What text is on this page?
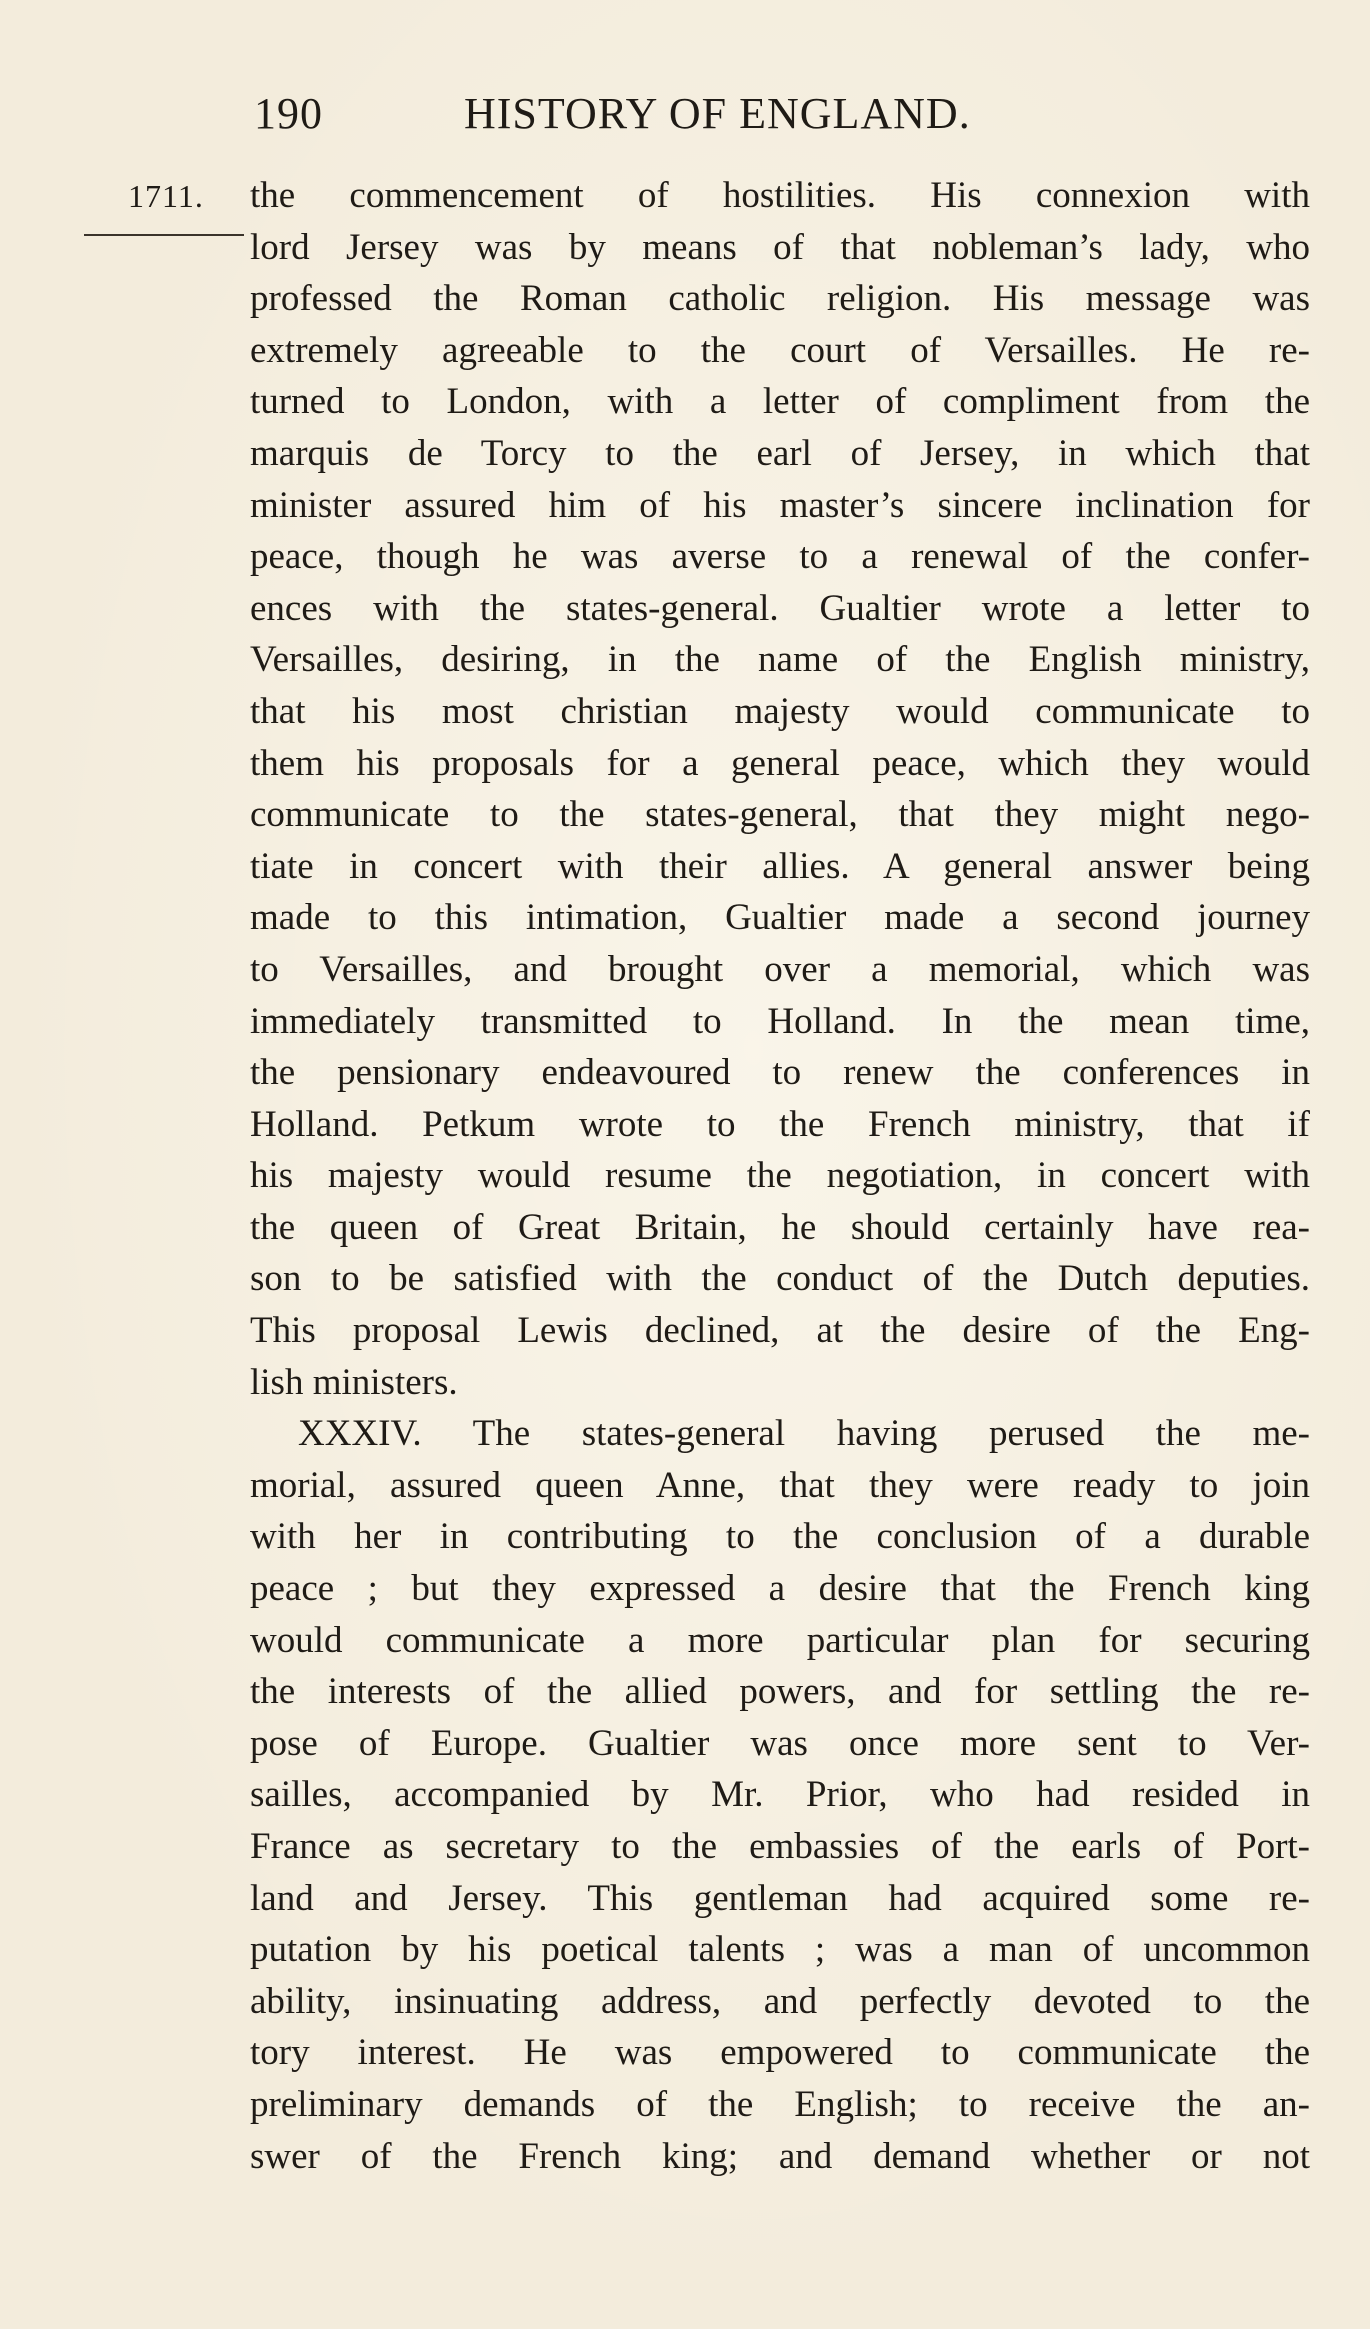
190	HISTORY OF ENGLAND.
1711. the commencement of hostilities. His connexion with
lord Jersey was by means of that nobleman’s lady, who
professed the Roman catholic religion. His message was
extremely agreeable to the court of Versailles. He re-
turned to London, with a letter of compliment from the
marquis de Torcy to the earl of Jersey, in which that
minister assured him of his master’s sincere inclination for
peace, though he was averse to a renewal of the confer-
ences with the states-general. Gualtier wrote a letter to
Versailles, desiring, in the name of the English ministry,
that his most christian majesty would communicate to
them his proposals for a general peace, which they would
communicate to the states-general, that they might nego-
tiate in concert with their allies. A general answer being
made to this intimation, Gualtier made a second journey
to Versailles, and brought over a memorial, which was
immediately transmitted to Holland. In the mean time,
the pensionary endeavoured to renew the conferences in
Holland. Petkum wrote to the French ministry, that if
his majesty would resume the negotiation, in concert with
the queen of Great Britain, he should certainly have rea-
son to be satisfied with the conduct of the Dutch deputies.
This proposal Lewis declined, at the desire of the Eng-
lish ministers.
XXXIV. The states-general having perused the me-
morial, assured queen Anne, that they were ready to join
with her in contributing to the conclusion of a durable
peace ; but they expressed a desire that the French king
would communicate a more particular plan for securing
the interests of the allied powers, and for settling the re-
pose of Europe. Gualtier was once more sent to Ver-
sailles, accompanied by Mr. Prior, who had resided in
France as secretary to the embassies of the earls of Port-
land and Jersey. This gentleman had acquired some re-
putation by his poetical talents ; was a man of uncommon
ability, insinuating address, and perfectly devoted to the
tory interest. He was empowered to communicate the
preliminary demands of the English; to receive the an-
swer of the French king; and demand whether or not
